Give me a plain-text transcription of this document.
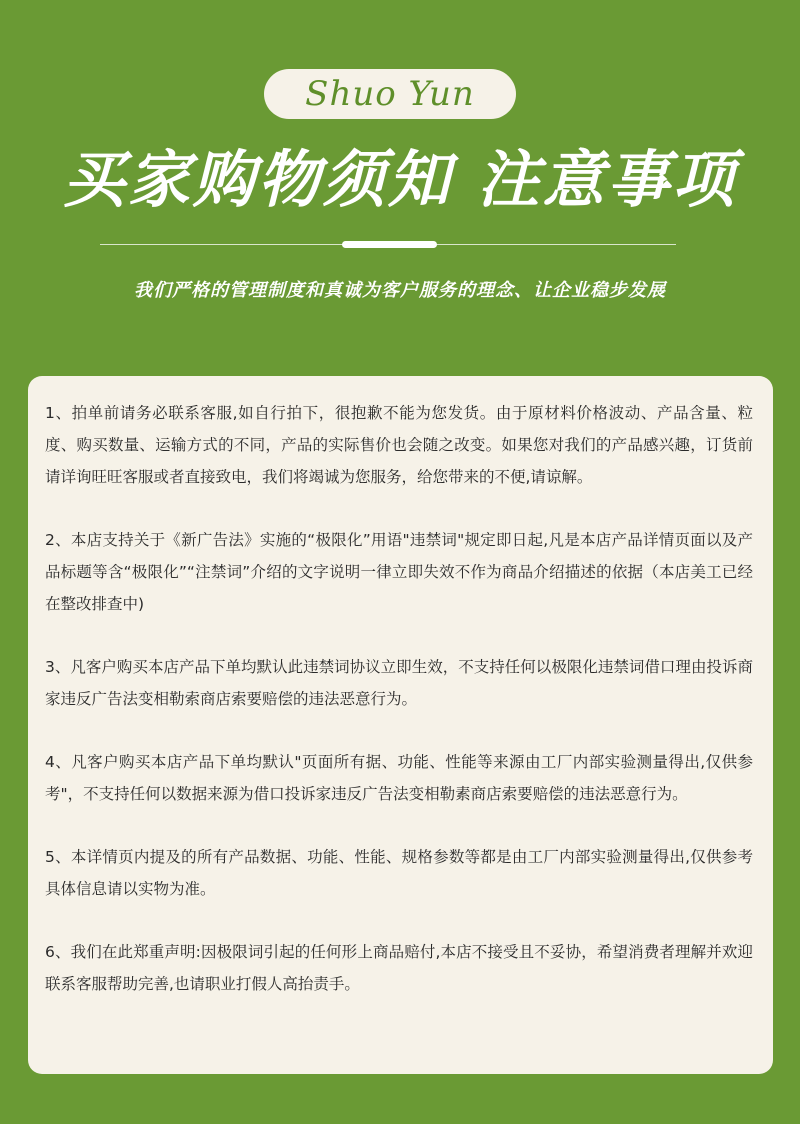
Shuo Yun
买家购物须知 注意事项

我们严格的管理制度和真诚为客户服务的理念、让企业稳步发展

1、拍单前请务必联系客服,如自行拍下，很抱歉不能为您发货。由于原材料价格波动、产品含量、粒度、购买数量、运输方式的不同，产品的实际售价也会随之改变。如果您对我们的产品感兴趣，订货前请详询旺旺客服或者直接致电，我们将竭诚为您服务，给您带来的不便,请谅解。

2、本店支持关于《新广告法》实施的“极限化”用语"违禁词"规定即日起,凡是本店产品详情页面以及产品标题等含“极限化”“注禁词”介绍的文字说明一律立即失效不作为商品介绍描述的依据（本店美工已经在整改排查中)

3、凡客户购买本店产品下单均默认此违禁词协议立即生效，不支持任何以极限化违禁词借口理由投诉商家违反广告法变相勒索商店索要赔偿的违法恶意行为。

4、凡客户购买本店产品下单均默认"页面所有据、功能、性能等来源由工厂内部实验测量得出,仅供参考"，不支持任何以数据来源为借口投诉家违反广告法变相勒素商店索要赔偿的违法恶意行为。

5、本详情页内提及的所有产品数据、功能、性能、规格参数等都是由工厂内部实验测量得出,仅供参考具体信息请以实物为准。

6、我们在此郑重声明:因极限词引起的任何形上商品赔付,本店不接受且不妥协，希望消费者理解并欢迎联系客服帮助完善,也请职业打假人高抬责手。
